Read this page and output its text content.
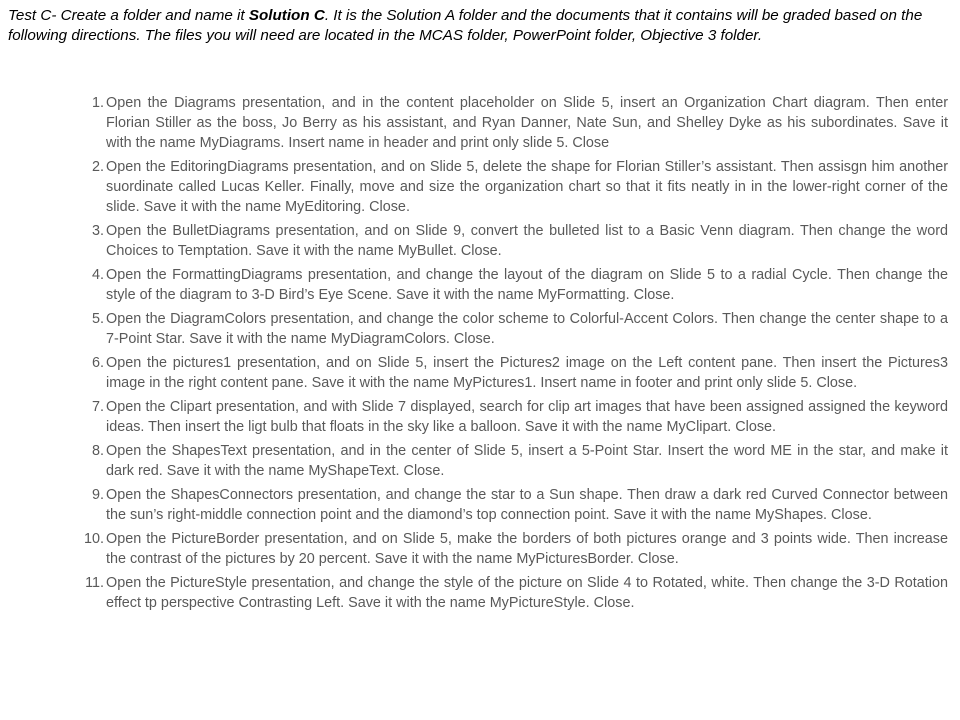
Test C- Create a folder and name it Solution C. It is the Solution A folder and the documents that it contains will be graded based on the following directions. The files you will need are located in the MCAS folder, PowerPoint folder, Objective 3 folder.
1. Open the Diagrams presentation, and in the content placeholder on Slide 5, insert an Organization Chart diagram. Then enter Florian Stiller as the boss, Jo Berry as his assistant, and Ryan Danner, Nate Sun, and Shelley Dyke as his subordinates. Save it with the name MyDiagrams. Insert name in header and print only slide 5. Close
2. Open the EditoringDiagrams presentation, and on Slide 5, delete the shape for Florian Stiller’s assistant. Then assisgn him another suordinate called Lucas Keller. Finally, move and size the organization chart so that it fits neatly in in the lower-right corner of the slide. Save it with the name MyEditoring. Close.
3. Open the BulletDiagrams presentation, and on Slide 9, convert the bulleted list to a Basic Venn diagram. Then change the word Choices to Temptation. Save it with the name MyBullet. Close.
4. Open the FormattingDiagrams presentation, and change the layout of the diagram on Slide 5 to a radial Cycle. Then change the style of the diagram to 3-D Bird’s Eye Scene. Save it with the name MyFormatting. Close.
5. Open the DiagramColors presentation, and change the color scheme to Colorful-Accent Colors. Then change the center shape to a 7-Point Star. Save it with the name MyDiagramColors. Close.
6. Open the pictures1 presentation, and on Slide 5, insert the Pictures2 image on the Left content pane. Then insert the Pictures3 image in the right content pane. Save it with the name MyPictures1. Insert name in footer and print only slide 5. Close.
7. Open the Clipart presentation, and with Slide 7 displayed, search for clip art images that have been assigned assigned the keyword ideas. Then insert the ligt bulb that floats in the sky like a balloon. Save it with the name MyClipart. Close.
8. Open the ShapesText presentation, and in the center of Slide 5, insert a 5-Point Star. Insert the word ME in the star, and make it dark red. Save it with the name MyShapeText. Close.
9. Open the ShapesConnectors presentation, and change the star to a Sun shape. Then draw a dark red Curved Connector between the sun’s right-middle connection point and the diamond’s top connection point. Save it with the name MyShapes. Close.
10. Open the PictureBorder presentation, and on Slide 5, make the borders of both pictures orange and 3 points wide. Then increase the contrast of the pictures by 20 percent. Save it with the name MyPicturesBorder. Close.
11. Open the PictureStyle presentation, and change the style of the picture on Slide 4 to Rotated, white. Then change the 3-D Rotation effect tp perspective Contrasting Left. Save it with the name MyPictureStyle. Close.
